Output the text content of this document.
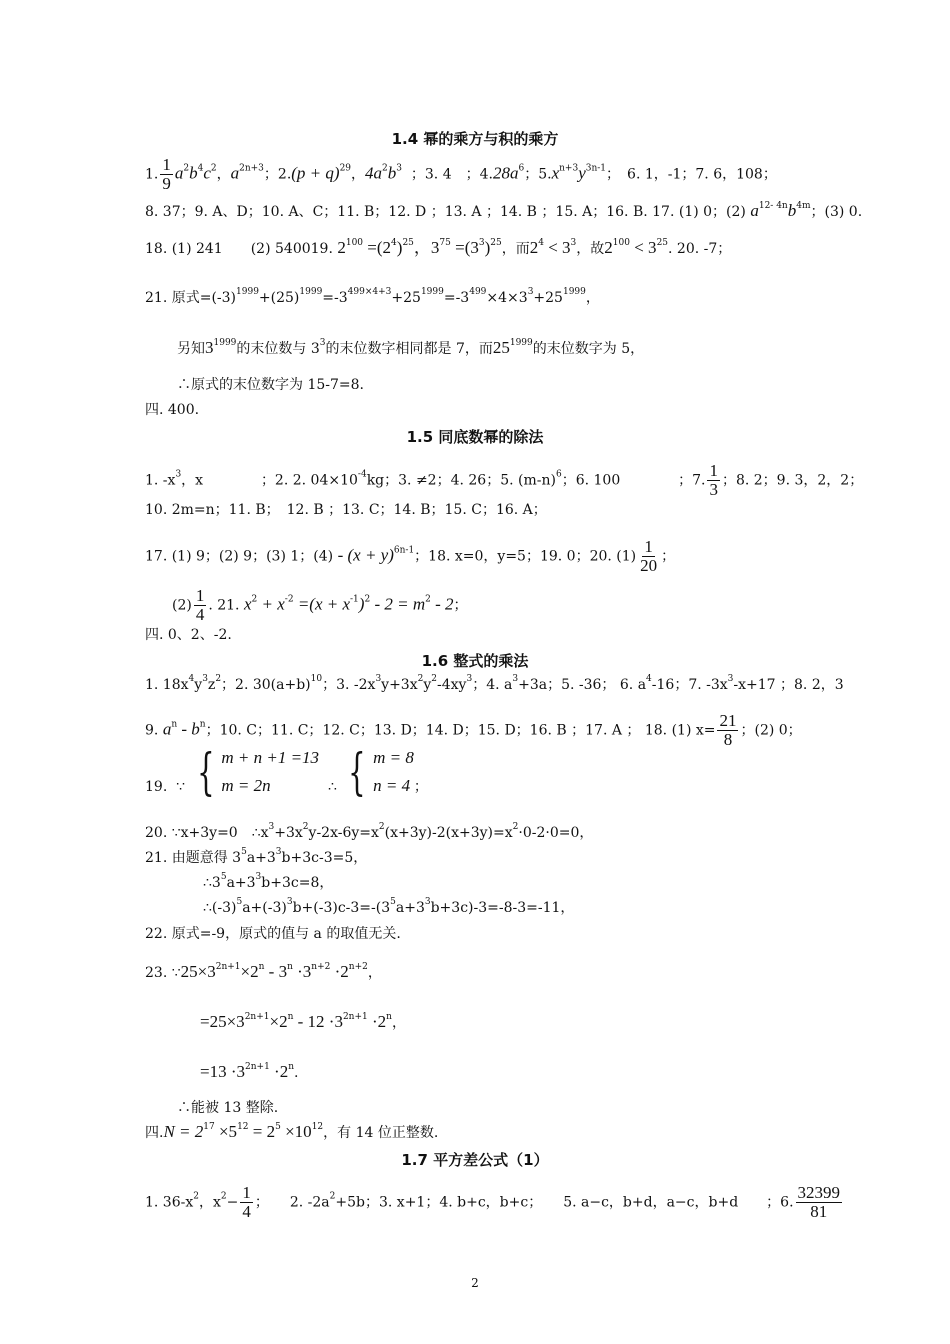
1.4 幂的乘方与积的乘方
1. $\frac{1}{9} a^2b^4c^2$，$a^{2n+3}$；$2.(p + q)^{29}$，$4a^2b^3$ ；3. 4　；$4.28a^6$；$5.x^{n+3}y^{3n-1}$；　6. 1，-1；7. 6，108；
8. 37；9. A、D；10. A、C；11. B；12. D ；13. A ；14. B ；15. A；16. B. 17. (1) 0；(2) $a^{12- 4n}b^{4m}$；(3) 0.
18. (1) 241　　(2) 540019. $2^{100} =(2^4)^{25}$，$3^{75} =(3^3)^{25}$，而$2^4 < 3^3$，故$2^{100} < 3^{25}$. 20. -7；
21. 原式$=(-3)^{1999}+(25)^{1999}=-3^{499\times 4+3}+25^{1999}=-3^{499}\times 4\times 3^3+25^{1999}$，
另知$3^{1999}$的末位数与 $3^3$的末位数字相同都是 7，而$25^{1999}$的末位数字为 5，
∴原式的末位数字为 15-7=8.
四. 400.
1.5 同底数幂的除法
1. $-x^3$，x	；2. 2. $04\times 10^{-4}kg$；3. ≠2；4. 26；5. $(m-n)^6$；6. 100	；7. $\frac{1}{3}$ ；8. 2；9. 3，2，2；
10. 2m=n；11. B；　12. B ；13. C；14. B；15. C；16. A；
17. (1) 9；(2) 9；(3) 1；$(4) - (x + y)^{6n-1}$；18. x=0，y=5；19. 0；20. $(1) \frac{1}{20}$ ；
$(2) \frac{1}{4}$ . 21. $x^2 + x^{-2} =(x + x^{-1})^2 - 2 = m^2 - 2$；
四. 0、2、-2.
1.6 整式的乘法
1. $18x^4y^3z^2$；2. $30(a+b)^{10}$；3. $-2x^3y+3x^2y^2-4xy^3$；4. $a^3+3a$；5. -36； 6. $a^4-16$；7. $-3x^3-x+17$ ；8. 2，3
9. $a^n - b^n$；10. C；11. C；12. C；13. D；14. D；15. D；16. B ；17. A ； 18. (1) $x= \frac{21}{8}$ ；(2) 0；
19. ∵ { m + n +1 =13
m = 2n	∴ { m = 8
n = 4 ；
20. ∵x+3y=0　$\therefore x^3+3x^2y-2x-6y=x^2(x+3y)-2(x+3y)=x^2\cdot 0-2\cdot 0=0$，
21. 由题意得 $3^5a+3^3b+3c-3=5$，
$\therefore 3^5a+3^3b+3c=8$，
$\therefore(-3)^5a+(-3)^3b+(-3)c-3=-(3^5a+3^3b+3c)-3=-8-3=-11$，
22. 原式=-9，原式的值与 a 的取值无关.
23. $\because 25\times 3^{2n+1}\times 2^n - 3^n \cdot 3^{n+2} \cdot 2^{n+2}$，
$=25\times 3^{2n+1}\times 2^n - 12 \cdot 3^{2n+1} \cdot 2^n$，
$=13 \cdot 3^{2n+1} \cdot 2^n$.
∴能被 13 整除.
四$.N = 2^{17} \times 5^{12} = 2^5 \times 10^{12}$，有 14 位正整数.
1.7 平方差公式（1）
1. $36-x^2$，$x^2- \frac{1}{4}$ ；　　2. $-2a^2+5b$；3. x+1；4. b+c，b+c；　　5. a−c，b+d，a−c，b+d　　；6. $\frac{32399}{81}$
2
